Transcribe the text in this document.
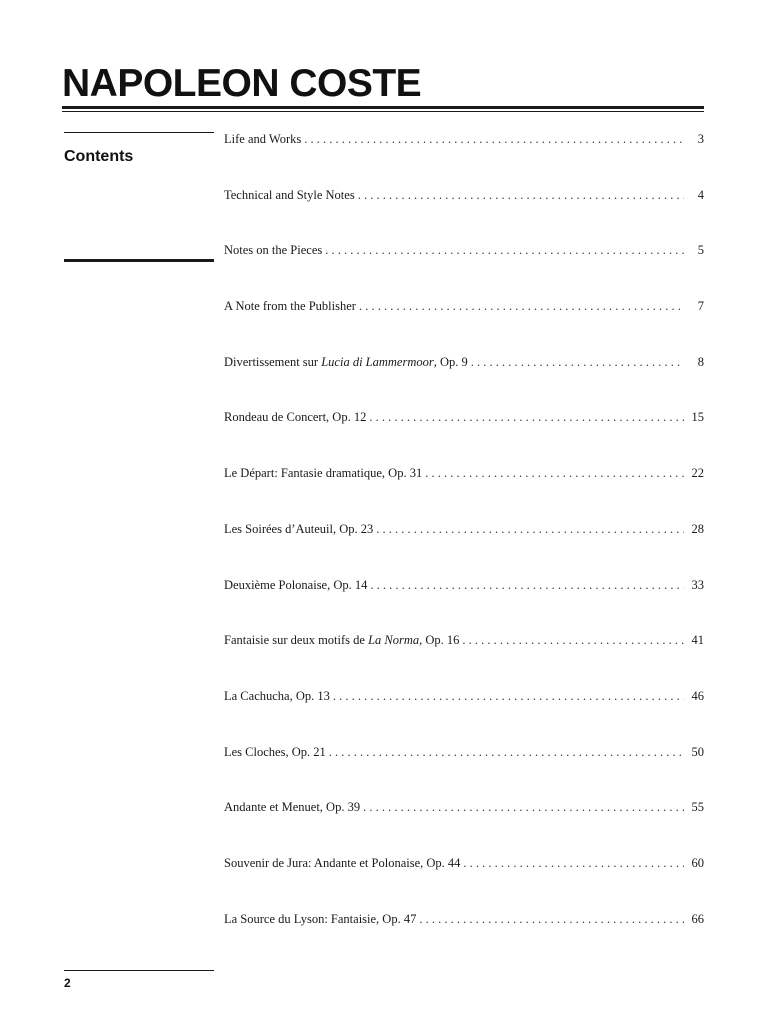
NAPOLEON COSTE
Contents
Life and Works . . .	3
Technical and Style Notes . . .	4
Notes on the Pieces . . .	5
A Note from the Publisher . . .	7
Divertissement sur Lucia di Lammermoor, Op. 9 . . .	8
Rondeau de Concert, Op. 12 . . .	15
Le Départ: Fantasie dramatique, Op. 31 . . .	22
Les Soirées d’Auteuil, Op. 23 . . .	28
Deuxième Polonaise, Op. 14 . . .	33
Fantaisie sur deux motifs de La Norma, Op. 16 . . .	41
La Cachucha, Op. 13 . . .	46
Les Cloches, Op. 21 . . .	50
Andante et Menuet, Op. 39 . . .	55
Souvenir de Jura: Andante et Polonaise, Op. 44 . . .	60
La Source du Lyson: Fantaisie, Op. 47 . . .	66
2
